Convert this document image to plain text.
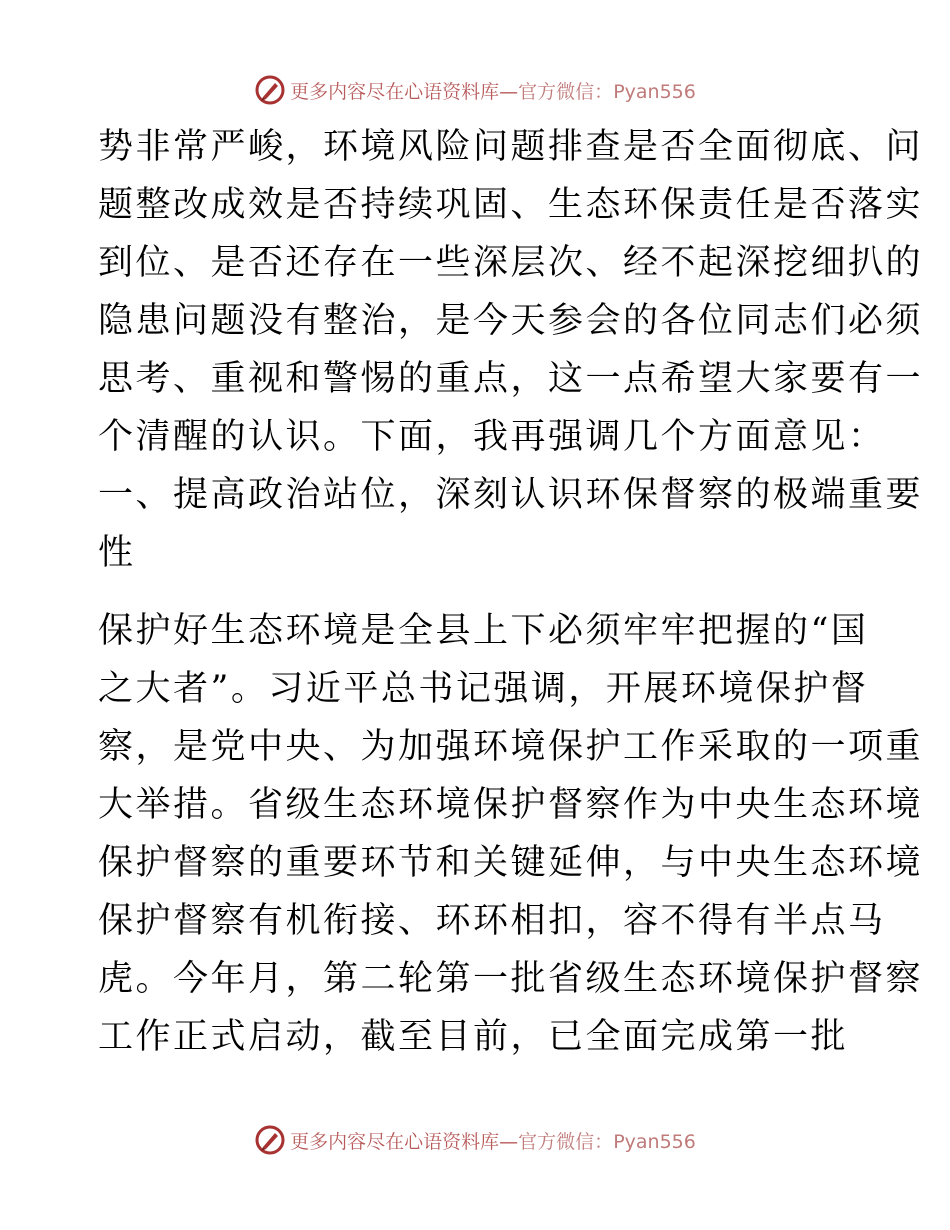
更多内容尽在心语资料库—官方微信：Pyan556
势非常严峻，环境风险问题排查是否全面彻底、问
题整改成效是否持续巩固、生态环保责任是否落实
到位、是否还存在一些深层次、经不起深挖细扒的
隐患问题没有整治，是今天参会的各位同志们必须
思考、重视和警惕的重点，这一点希望大家要有一
个清醒的认识。下面，我再强调几个方面意见：
一、提高政治站位，深刻认识环保督察的极端重要
性
保护好生态环境是全县上下必须牢牢把握的“国
之大者”。习近平总书记强调，开展环境保护督
察，是党中央、为加强环境保护工作采取的一项重
大举措。省级生态环境保护督察作为中央生态环境
保护督察的重要环节和关键延伸，与中央生态环境
保护督察有机衔接、环环相扣，容不得有半点马
虎。今年月，第二轮第一批省级生态环境保护督察
工作正式启动，截至目前，已全面完成第一批
更多内容尽在心语资料库—官方微信：Pyan556
